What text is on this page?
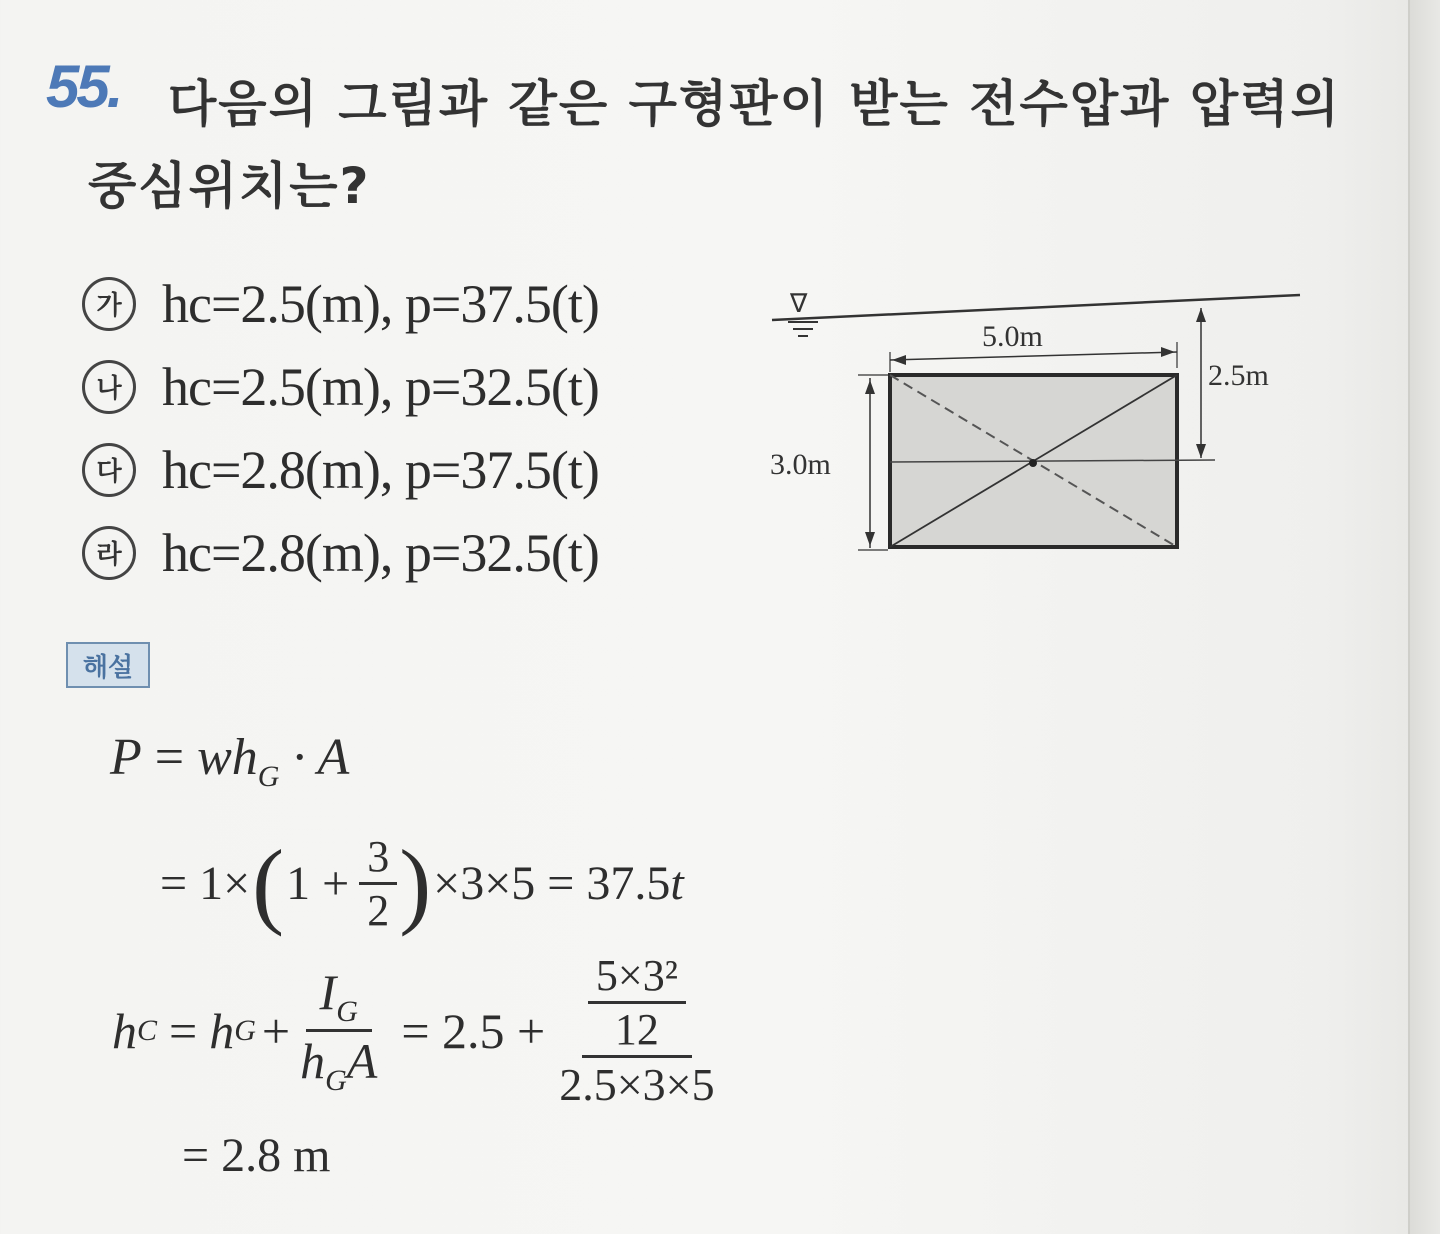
55. 다음의 그림과 같은 구형판이 받는 전수압과 압력의
중심위치는?
가 hc=2.5(m), p=37.5(t)
나 hc=2.5(m), p=32.5(t)
다 hc=2.8(m), p=37.5(t)
라 hc=2.8(m), p=32.5(t)
∇
5.0m
2.5m
3.0m
해설
$P = wh_G \cdot A$
= 1× ( $1 + \frac{3}{2}$ ) ×3×5 = 37.5 t
h C = h $G + \frac{I_G}{h_GA} = 2.5 + \frac{\frac{\text{5×3²}}{12}}{2.5\times 3\times 5}$
= 2.8 m
